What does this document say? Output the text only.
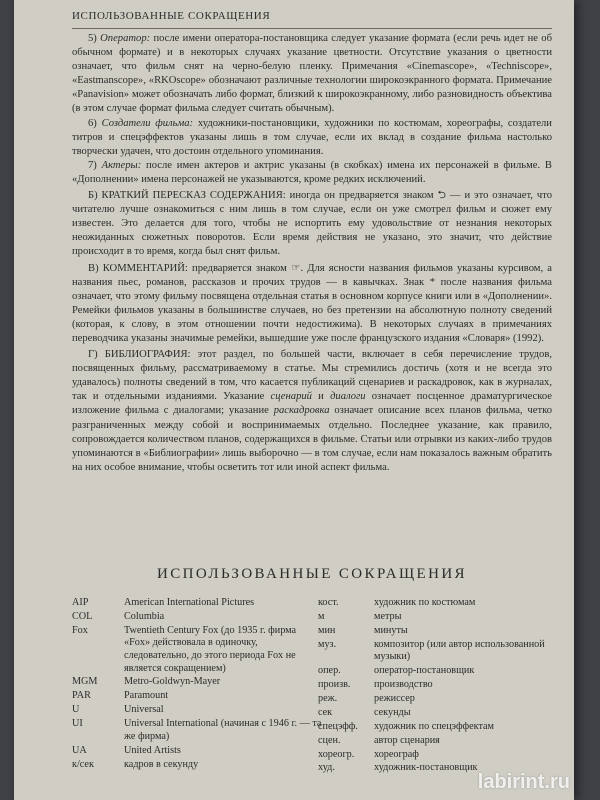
ИСПОЛЬЗОВАННЫЕ СОКРАЩЕНИЯ

5) Оператор: после имени оператора-постановщика следует указание формата (если речь идет не об обычном формате) и в некоторых случаях указание цветности. Отсутствие указания о цветности означает, что фильм снят на черно-белую пленку. Примечания «Cinemascope», «Techniscope», «Eastmanscope», «RKOscope» обозначают различные технологии широкоэкранного формата. Примечание «Panavision» может обозначать либо формат, близкий к широкоэкранному, либо разновидность объектива (в этом случае формат фильма следует считать обычным).

6) Создатели фильма: художники-постановщики, художники по костюмам, хореографы, создатели титров и спецэффектов указаны лишь в том случае, если их вклад в создание фильма настолько творчески удачен, что достоин отдельного упоминания.

7) Актеры: после имен актеров и актрис указаны (в скобках) имена их персонажей в фильме. В «Дополнении» имена персонажей не указываются, кроме редких исключений.

Б) КРАТКИЙ ПЕРЕСКАЗ СОДЕРЖАНИЯ: иногда он предваряется знаком ⮌ — и это означает, что читателю лучше ознакомиться с ним лишь в том случае, если он уже смотрел фильм и сюжет ему известен. Это делается для того, чтобы не испортить ему удовольствие от незнания некоторых неожиданных сюжетных поворотов. Если время действия не указано, это значит, что действие происходит в то время, когда был снят фильм.

В) КОММЕНТАРИЙ: предваряется знаком ☞. Для ясности названия фильмов указаны курсивом, а названия пьес, романов, рассказов и прочих трудов — в кавычках. Знак * после названия фильма означает, что этому фильму посвящена отдельная статья в основном корпусе книги или в «Дополнении». Ремейки фильмов указаны в большинстве случаев, но без претензии на абсолютную полноту сведений (которая, к слову, в этом отношении почти недостижима). В некоторых случаях в примечаниях переводчика указаны значимые ремейки, вышедшие уже после французского издания «Словаря» (1992).

Г) БИБЛИОГРАФИЯ: этот раздел, по большей части, включает в себя перечисление трудов, посвященных фильму, рассматриваемому в статье. Мы стремились достичь (хотя и не всегда это удавалось) полноты сведений в том, что касается публикаций сценариев и раскадровок, как в журналах, так и отдельными изданиями. Указание сценарий и диалоги означает посценное драматургическое изложение фильма с диалогами; указание раскадровка означает описание всех планов фильма, четко разграниченных между собой и воспринимаемых отдельно. Последнее указание, как правило, сопровождается количеством планов, содержащихся в фильме. Статьи или отрывки из каких-либо трудов упоминаются в «Библиографии» лишь выборочно — в том случае, если нам показалось важным обратить на них особое внимание, чтобы осветить тот или иной аспект фильма.

ИСПОЛЬЗОВАННЫЕ СОКРАЩЕНИЯ
AIP	American International Pictures
COL	Columbia
Fox	Twentieth Century Fox (до 1935 г. фирма «Fox» действовала в одиночку, следовательно, до этого периода Fox не является сокращением)
MGM	Metro-Goldwyn-Mayer
PAR	Paramount
U	Universal
UI	Universal International (начиная с 1946 г. — та же фирма)
UA	United Artists
к/сек	кадров в секунду
кост.	художник по костюмам
м	метры
мин	минуты
муз.	композитор (или автор использованной музыки)
опер.	оператор-постановщик
произв.	производство
реж.	режиссер
сек	секунды
спецэфф.	художник по спецэффектам
сцен.	автор сценария
хореогр.	хореограф
худ.	художник-постановщик
labirint.ru
